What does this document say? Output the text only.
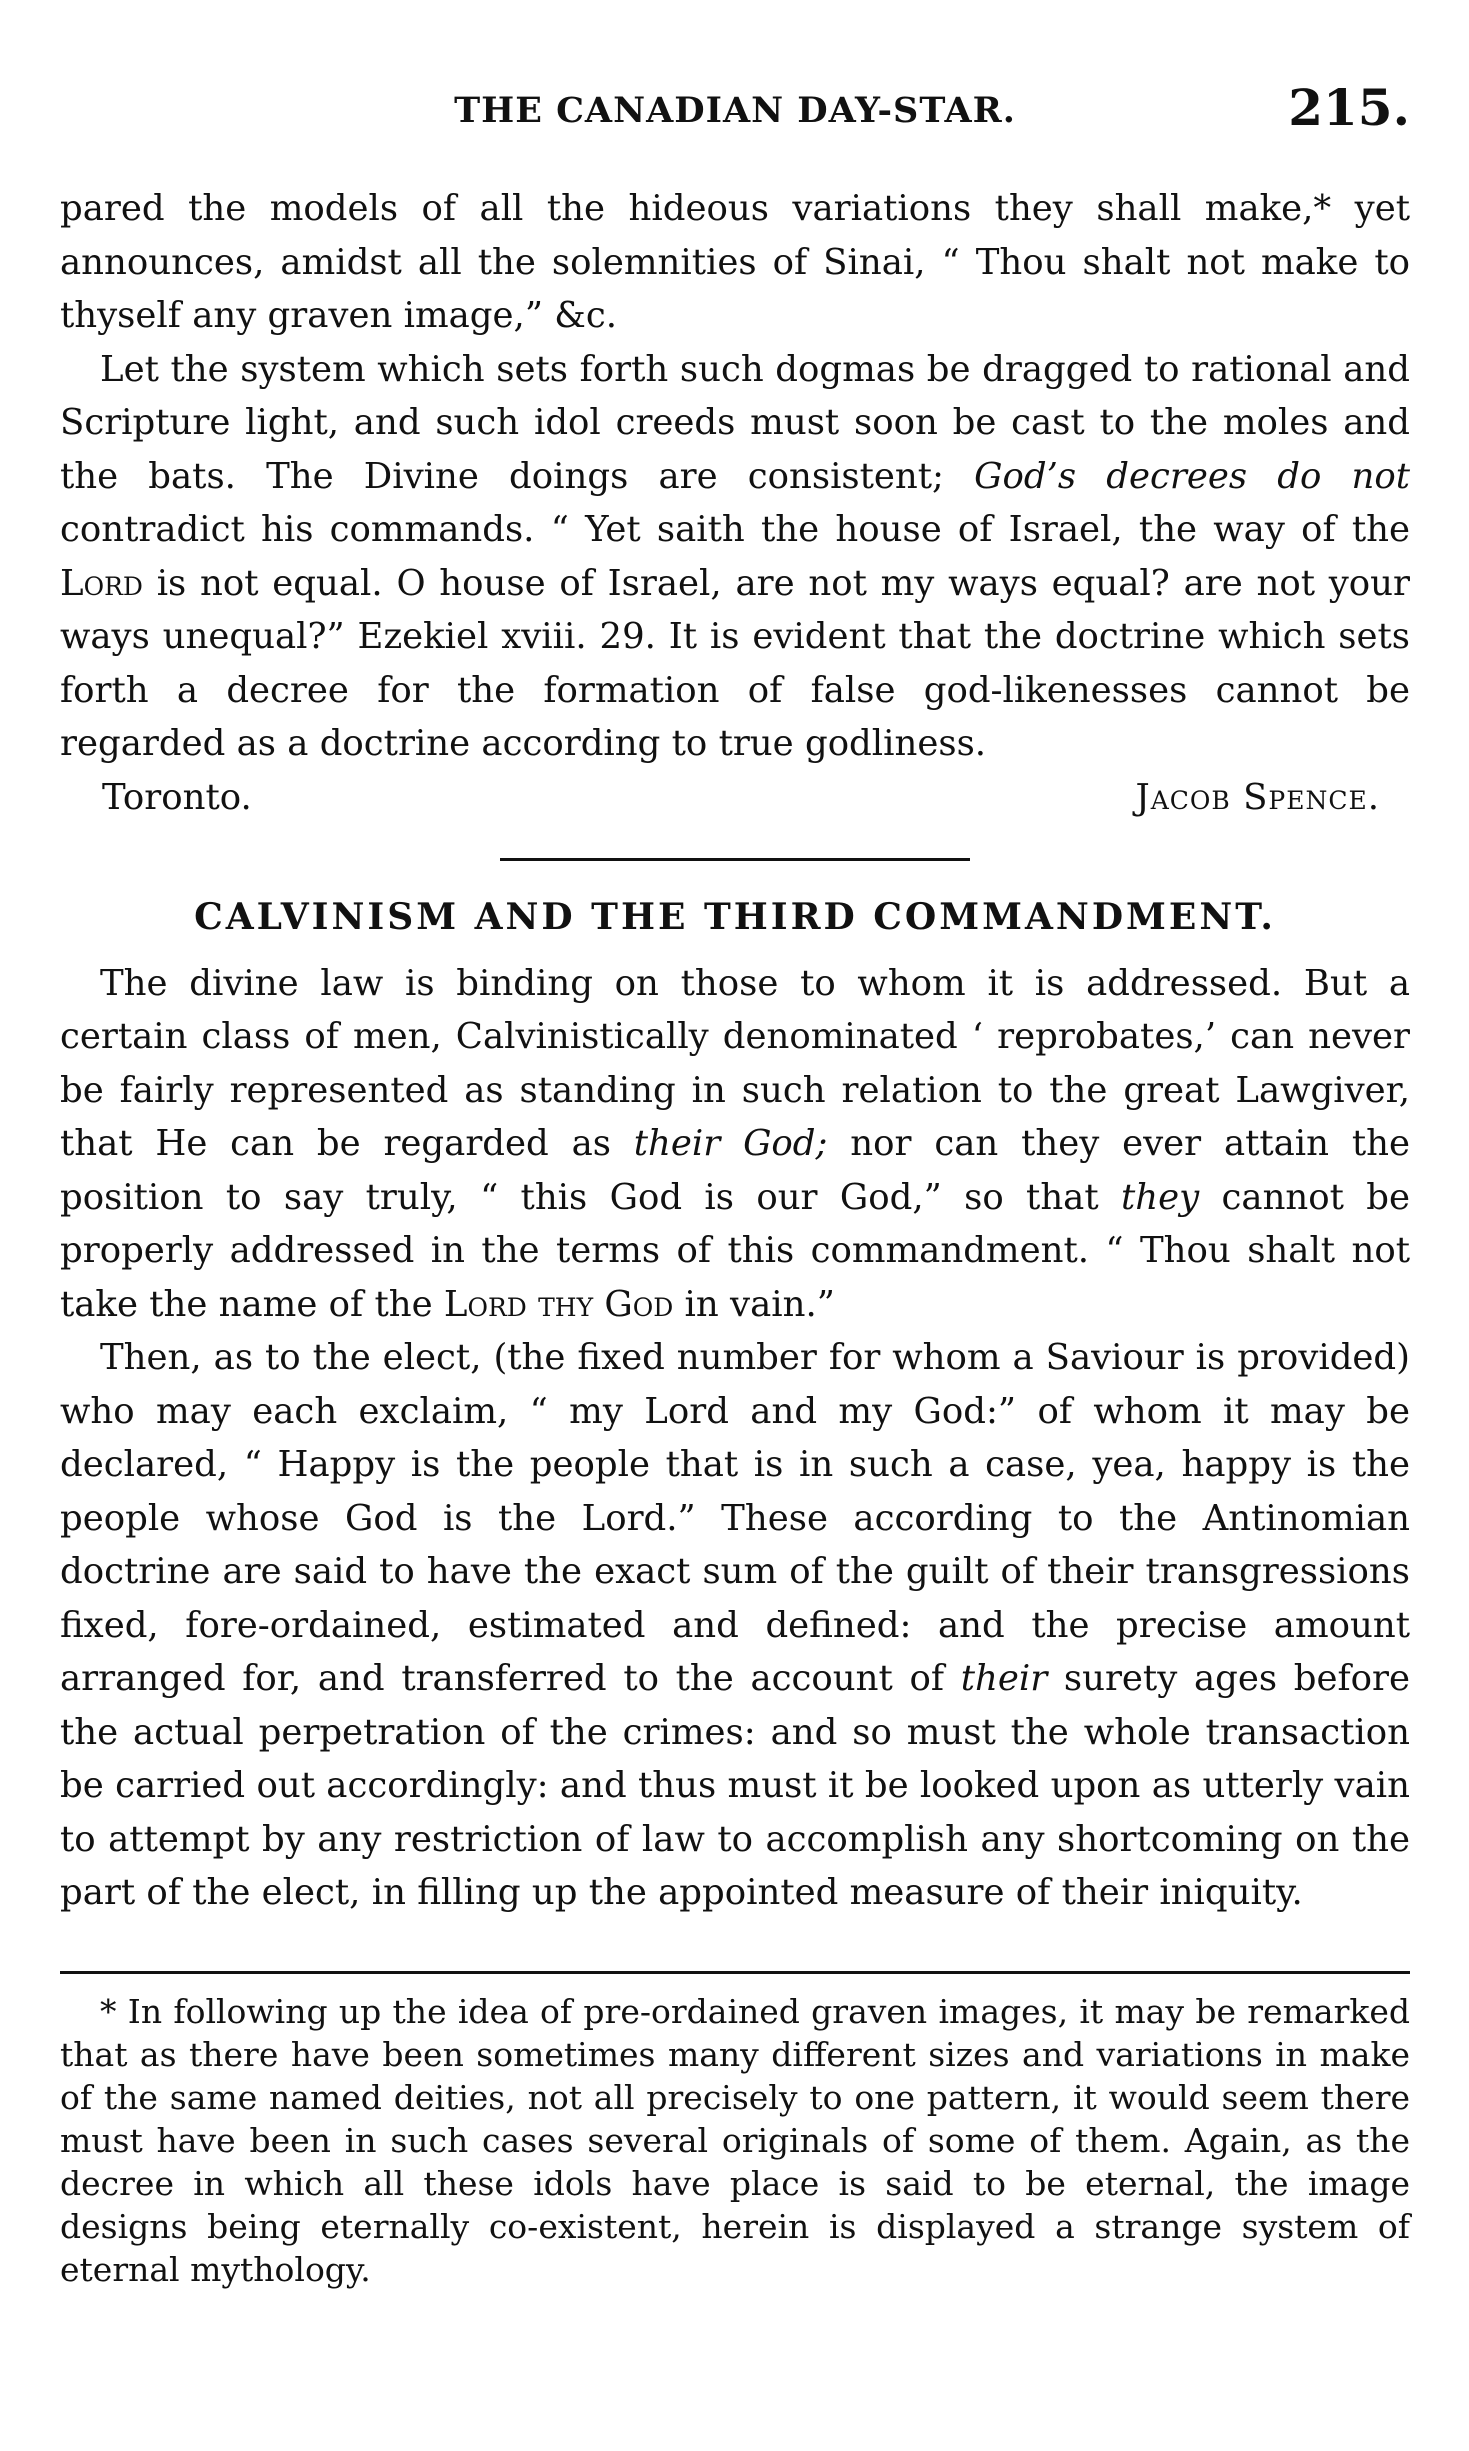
THE CANADIAN DAY-STAR.	215.

pared the models of all the hideous variations they shall make,* yet announces, amidst all the solemnities of Sinai, “ Thou shalt not make to thyself any graven image,” &c.

Let the system which sets forth such dogmas be dragged to rational and Scripture light, and such idol creeds must soon be cast to the moles and the bats. The Divine doings are consistent; God’s decrees do not contradict his commands. “ Yet saith the house of Israel, the way of the Lord is not equal. O house of Israel, are not my ways equal? are not your ways unequal?” Ezekiel xviii. 29. It is evident that the doctrine which sets forth a decree for the formation of false god-likenesses cannot be regarded as a doctrine according to true godliness.

Toronto.	Jacob Spence.
CALVINISM AND THE THIRD COMMANDMENT.

The divine law is binding on those to whom it is addressed. But a certain class of men, Calvinistically denominated ‘ reprobates,’ can never be fairly represented as standing in such relation to the great Lawgiver, that He can be regarded as their God; nor can they ever attain the position to say truly, “ this God is our God,” so that they cannot be properly addressed in the terms of this commandment. “ Thou shalt not take the name of the Lord thy God in vain.”

Then, as to the elect, (the fixed number for whom a Saviour is provided) who may each exclaim, “ my Lord and my God:” of whom it may be declared, “ Happy is the people that is in such a case, yea, happy is the people whose God is the Lord.” These according to the Antinomian doctrine are said to have the exact sum of the guilt of their transgressions fixed, fore-ordained, estimated and defined: and the precise amount arranged for, and transferred to the account of their surety ages before the actual perpetration of the crimes: and so must the whole transaction be carried out accordingly: and thus must it be looked upon as utterly vain to attempt by any restriction of law to accomplish any shortcoming on the part of the elect, in filling up the appointed measure of their iniquity.

* In following up the idea of pre-ordained graven images, it may be remarked that as there have been sometimes many different sizes and variations in make of the same named deities, not all precisely to one pattern, it would seem there must have been in such cases several originals of some of them. Again, as the decree in which all these idols have place is said to be eternal, the image designs being eternally co-existent, herein is displayed a strange system of eternal mythology.
